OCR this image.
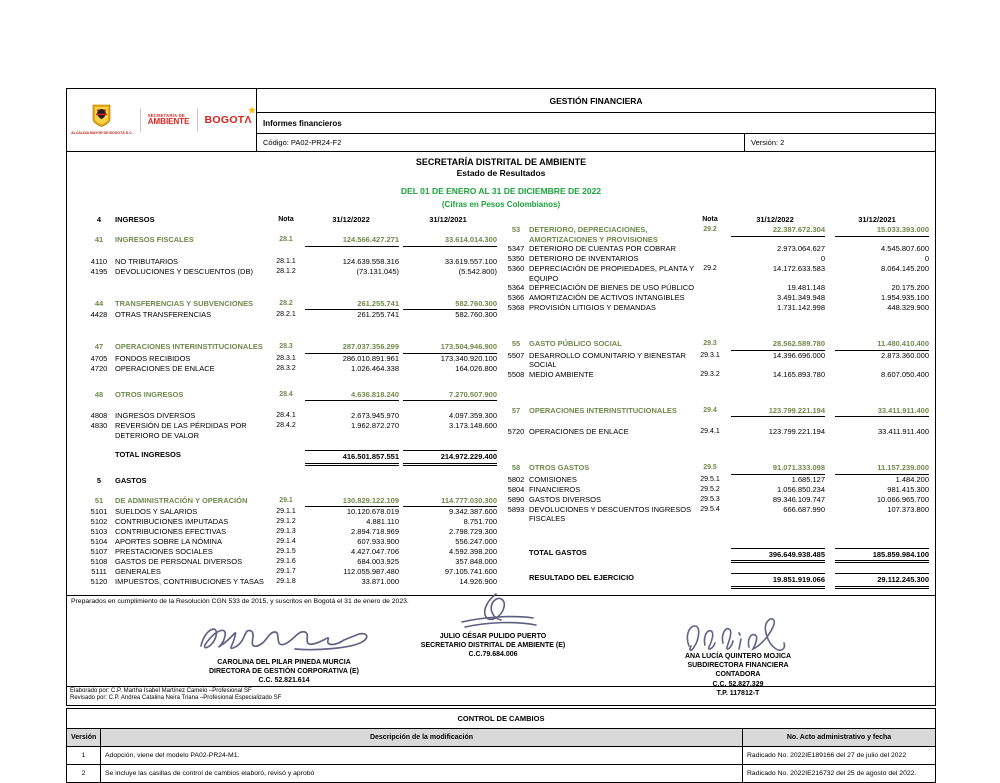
ALCALDÍA MAYOR DE BOGOTÁ D.C.
SECRETARÍA DE
AMBIENTE BOGOTΛ
★
GESTIÓN FINANCIERA
Informes financieros
Código: PA02-PR24-F2	Versión: 2
SECRETARÍA DISTRITAL DE AMBIENTE
Estado de Resultados
DEL 01 DE ENERO AL 31 DE DICIEMBRE DE 2022
(Cifras en Pesos Colombianos)
4	INGRESOS	Nota	31/12/2022	31/12/2021
41	INGRESOS FISCALES	28.1	124.566.427.271	33.614.014.300
4110	NO TRIBUTARIOS	28.1.1	124.639.558.316	33.619.557.100
4195	DEVOLUCIONES Y DESCUENTOS (DB)	28.1.2	(73.131.045)	(5.542.800)
44	TRANSFERENCIAS Y SUBVENCIONES	28.2	261.255.741	582.760.300
4428	OTRAS TRANSFERENCIAS	28.2.1	261.255.741	582.760.300
47	OPERACIONES INTERINSTITUCIONALES	28.3	287.037.356.299	173.504.946.900
4705	FONDOS RECIBIDOS	28.3.1	286.010.891.961	173.340.920.100
4720	OPERACIONES DE ENLACE	28.3.2	1.026.464.338	164.026.800
48	OTROS INGRESOS	28.4	4.636.818.240	7.270.507.900
4808	INGRESOS DIVERSOS	28.4.1	2.673.945.970	4.097.359.300
4830	REVERSIÓN DE LAS PÉRDIDAS POR DETERIORO DE VALOR
28.4.2	1.962.872.270	3.173.148.600
TOTAL INGRESOS	416.501.857.551	214.972.229.400
5	GASTOS
51	DE ADMINISTRACIÓN Y OPERACIÓN	29.1	130.829.122.109	114.777.030.300
5101	SUELDOS Y SALARIOS	29.1.1	10.120.678.019	9.342.387.600
5102	CONTRIBUCIONES IMPUTADAS	29.1.2	4.881.110	8.751.700
5103	CONTRIBUCIONES EFECTIVAS	29.1.3	2.894.718.969	2.798.729.300
5104	APORTES SOBRE LA NÓMINA	29.1.4	607.933.900	556.247.000
5107	PRESTACIONES SOCIALES	29.1.5	4.427.047.706	4.592.398.200
5108	GASTOS DE PERSONAL DIVERSOS	29.1.6	684.003.925	357.848.000
5111	GENERALES	29.1.7	112.055.987.480	97.105.741.600
5120	IMPUESTOS, CONTRIBUCIONES Y TASAS	29.1.8	33.871.000	14.926.900
Nota	31/12/2022	31/12/2021
53	DETERIORO, DEPRECIACIONES, AMORTIZACIONES Y PROVISIONES
29.2	22.387.672.304	15.033.393.000
5347 DETERIORO DE CUENTAS POR COBRAR	2.973.064.627	4.545.807.600
5350 DETERIORO DE INVENTARIOS	0	0
5360 DEPRECIACIÓN DE PROPIEDADES, PLANTA Y EQUIPO
29.2	14.172.633.583	8.064.145.200
5364 DEPRECIACIÓN DE BIENES DE USO PÚBLICO	19.481.148	20.175.200
5366 AMORTIZACIÓN DE ACTIVOS INTANGIBLES	3.491.349.948	1.954.935.100
5368 PROVISIÓN LITIGIOS Y DEMANDAS	1.731.142.998	448.329.900
55	GASTO PÚBLICO SOCIAL	29.3	28.562.589.780	11.480.410.400
5507 DESARROLLO COMUNITARIO Y BIENESTAR SOCIAL
29.3.1	14.396.696.000	2.873.360.000
5508 MEDIO AMBIENTE	29.3.2	14.165.893.780	8.607.050.400
57	OPERACIONES INTERINSTITUCIONALES	29.4	123.799.221.194	33.411.911.400
5720 OPERACIONES DE ENLACE	29.4.1	123.799.221.194	33.411.911.400
58	OTROS GASTOS	29.5	91.071.333.098	11.157.239.000
5802 COMISIONES	29.5.1	1.685.127	1.484.200
5804 FINANCIEROS	29.5.2	1.056.850.234	981.415.300
5890 GASTOS DIVERSOS	29.5.3	89.346.109.747	10.066.965.700
5893 DEVOLUCIONES Y DESCUENTOS INGRESOS FISCALES
29.5.4	666.687.990	107.373.800
TOTAL GASTOS	396.649.938.485	185.859.984.100
RESULTADO DEL EJERCICIO	19.851.919.066	29.112.245.300
Preparados en cumplimiento de la Resolución CGN 533 de 2015, y suscritos en Bogotá el 31 de enero de 2023.
JULIO CÉSAR PULIDO PUERTO
SECRETARIO DISTRITAL DE AMBIENTE (E)
C.C.79.684.006
CAROLINA DEL PILAR PINEDA MURCIA
DIRECTORA DE GESTIÓN CORPORATIVA (E)
C.C. 52.821.614
ANA LUCÍA QUINTERO MOJICA
SUBDIRECTORA FINANCIERA
CONTADORA
C.C. 52.827.329
T.P. 117812-T
Elaborado por: C.P. Martha Isabel Martínez Camelo –Profesional SF
Revisado por: C.P. Andrea Catalina Neira Triana –Profesional Especializado SF
CONTROL DE CAMBIOS
Versión	Descripción de la modificación	No. Acto administrativo y fecha
1	Adopción, viene del modelo PA02-PR24-M1.	Radicado No. 2022IE189166 del 27 de julio del 2022
2	Se incluye las casillas de control de cambios elaboró, revisó y aprobó	Radicado No. 2022IE216732 del 25 de agosto del 2022.
